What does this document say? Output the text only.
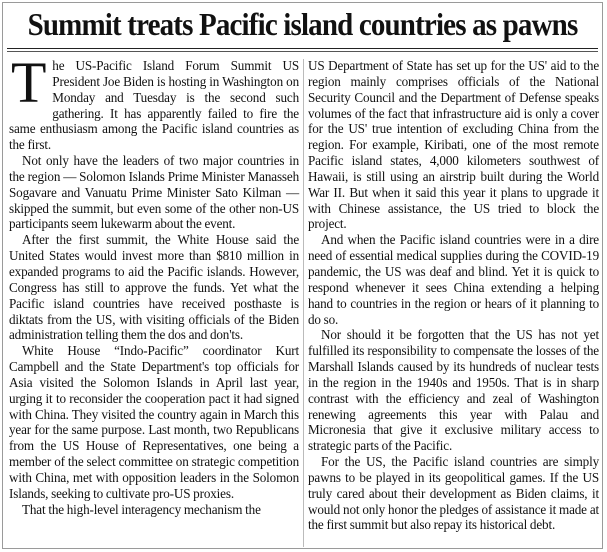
Summit treats Pacific island countries as pawns

The US-Pacific Island Forum Summit US President Joe Biden is hosting in Washington on Monday and Tuesday is the second such gathering. It has apparently failed to fire the same enthusiasm among the Pacific island countries as the first.

Not only have the leaders of two major countries in the region — Solomon Islands Prime Minister Manasseh Sogavare and Vanuatu Prime Minister Sato Kilman — skipped the summit, but even some of the other non-US participants seem lukewarm about the event.

After the first summit, the White House said the United States would invest more than $810 million in expanded programs to aid the Pacific islands. However, Congress has still to approve the funds. Yet what the Pacific island countries have received posthaste is diktats from the US, with visiting officials of the Biden administration telling them the dos and don'ts.

White House “Indo-Pacific” coordinator Kurt Campbell and the State Department's top officials for Asia visited the Solomon Islands in April last year, urging it to reconsider the cooperation pact it had signed with China. They visited the country again in March this year for the same purpose. Last month, two Republicans from the US House of Representatives, one being a member of the select committee on strategic competition with China, met with opposition leaders in the Solomon Islands, seeking to cultivate pro-US proxies.

That the high-level interagency mechanism the

US Department of State has set up for the US' aid to the region mainly comprises officials of the National Security Council and the Department of Defense speaks volumes of the fact that infrastructure aid is only a cover for the US' true intention of excluding China from the region. For example, Kiribati, one of the most remote Pacific island states, 4,000 kilometers southwest of Hawaii, is still using an airstrip built during the World War II. But when it said this year it plans to upgrade it with Chinese assistance, the US tried to block the project.

And when the Pacific island countries were in a dire need of essential medical supplies during the COVID-19 pandemic, the US was deaf and blind. Yet it is quick to respond whenever it sees China extending a helping hand to countries in the region or hears of it planning to do so.

Nor should it be forgotten that the US has not yet fulfilled its responsibility to compensate the losses of the Marshall Islands caused by its hundreds of nuclear tests in the region in the 1940s and 1950s. That is in sharp contrast with the efficiency and zeal of Washington renewing agreements this year with Palau and Micronesia that give it exclusive military access to strategic parts of the Pacific.

For the US, the Pacific island countries are simply pawns to be played in its geopolitical games. If the US truly cared about their development as Biden claims, it would not only honor the pledges of assistance it made at the first summit but also repay its historical debt.
